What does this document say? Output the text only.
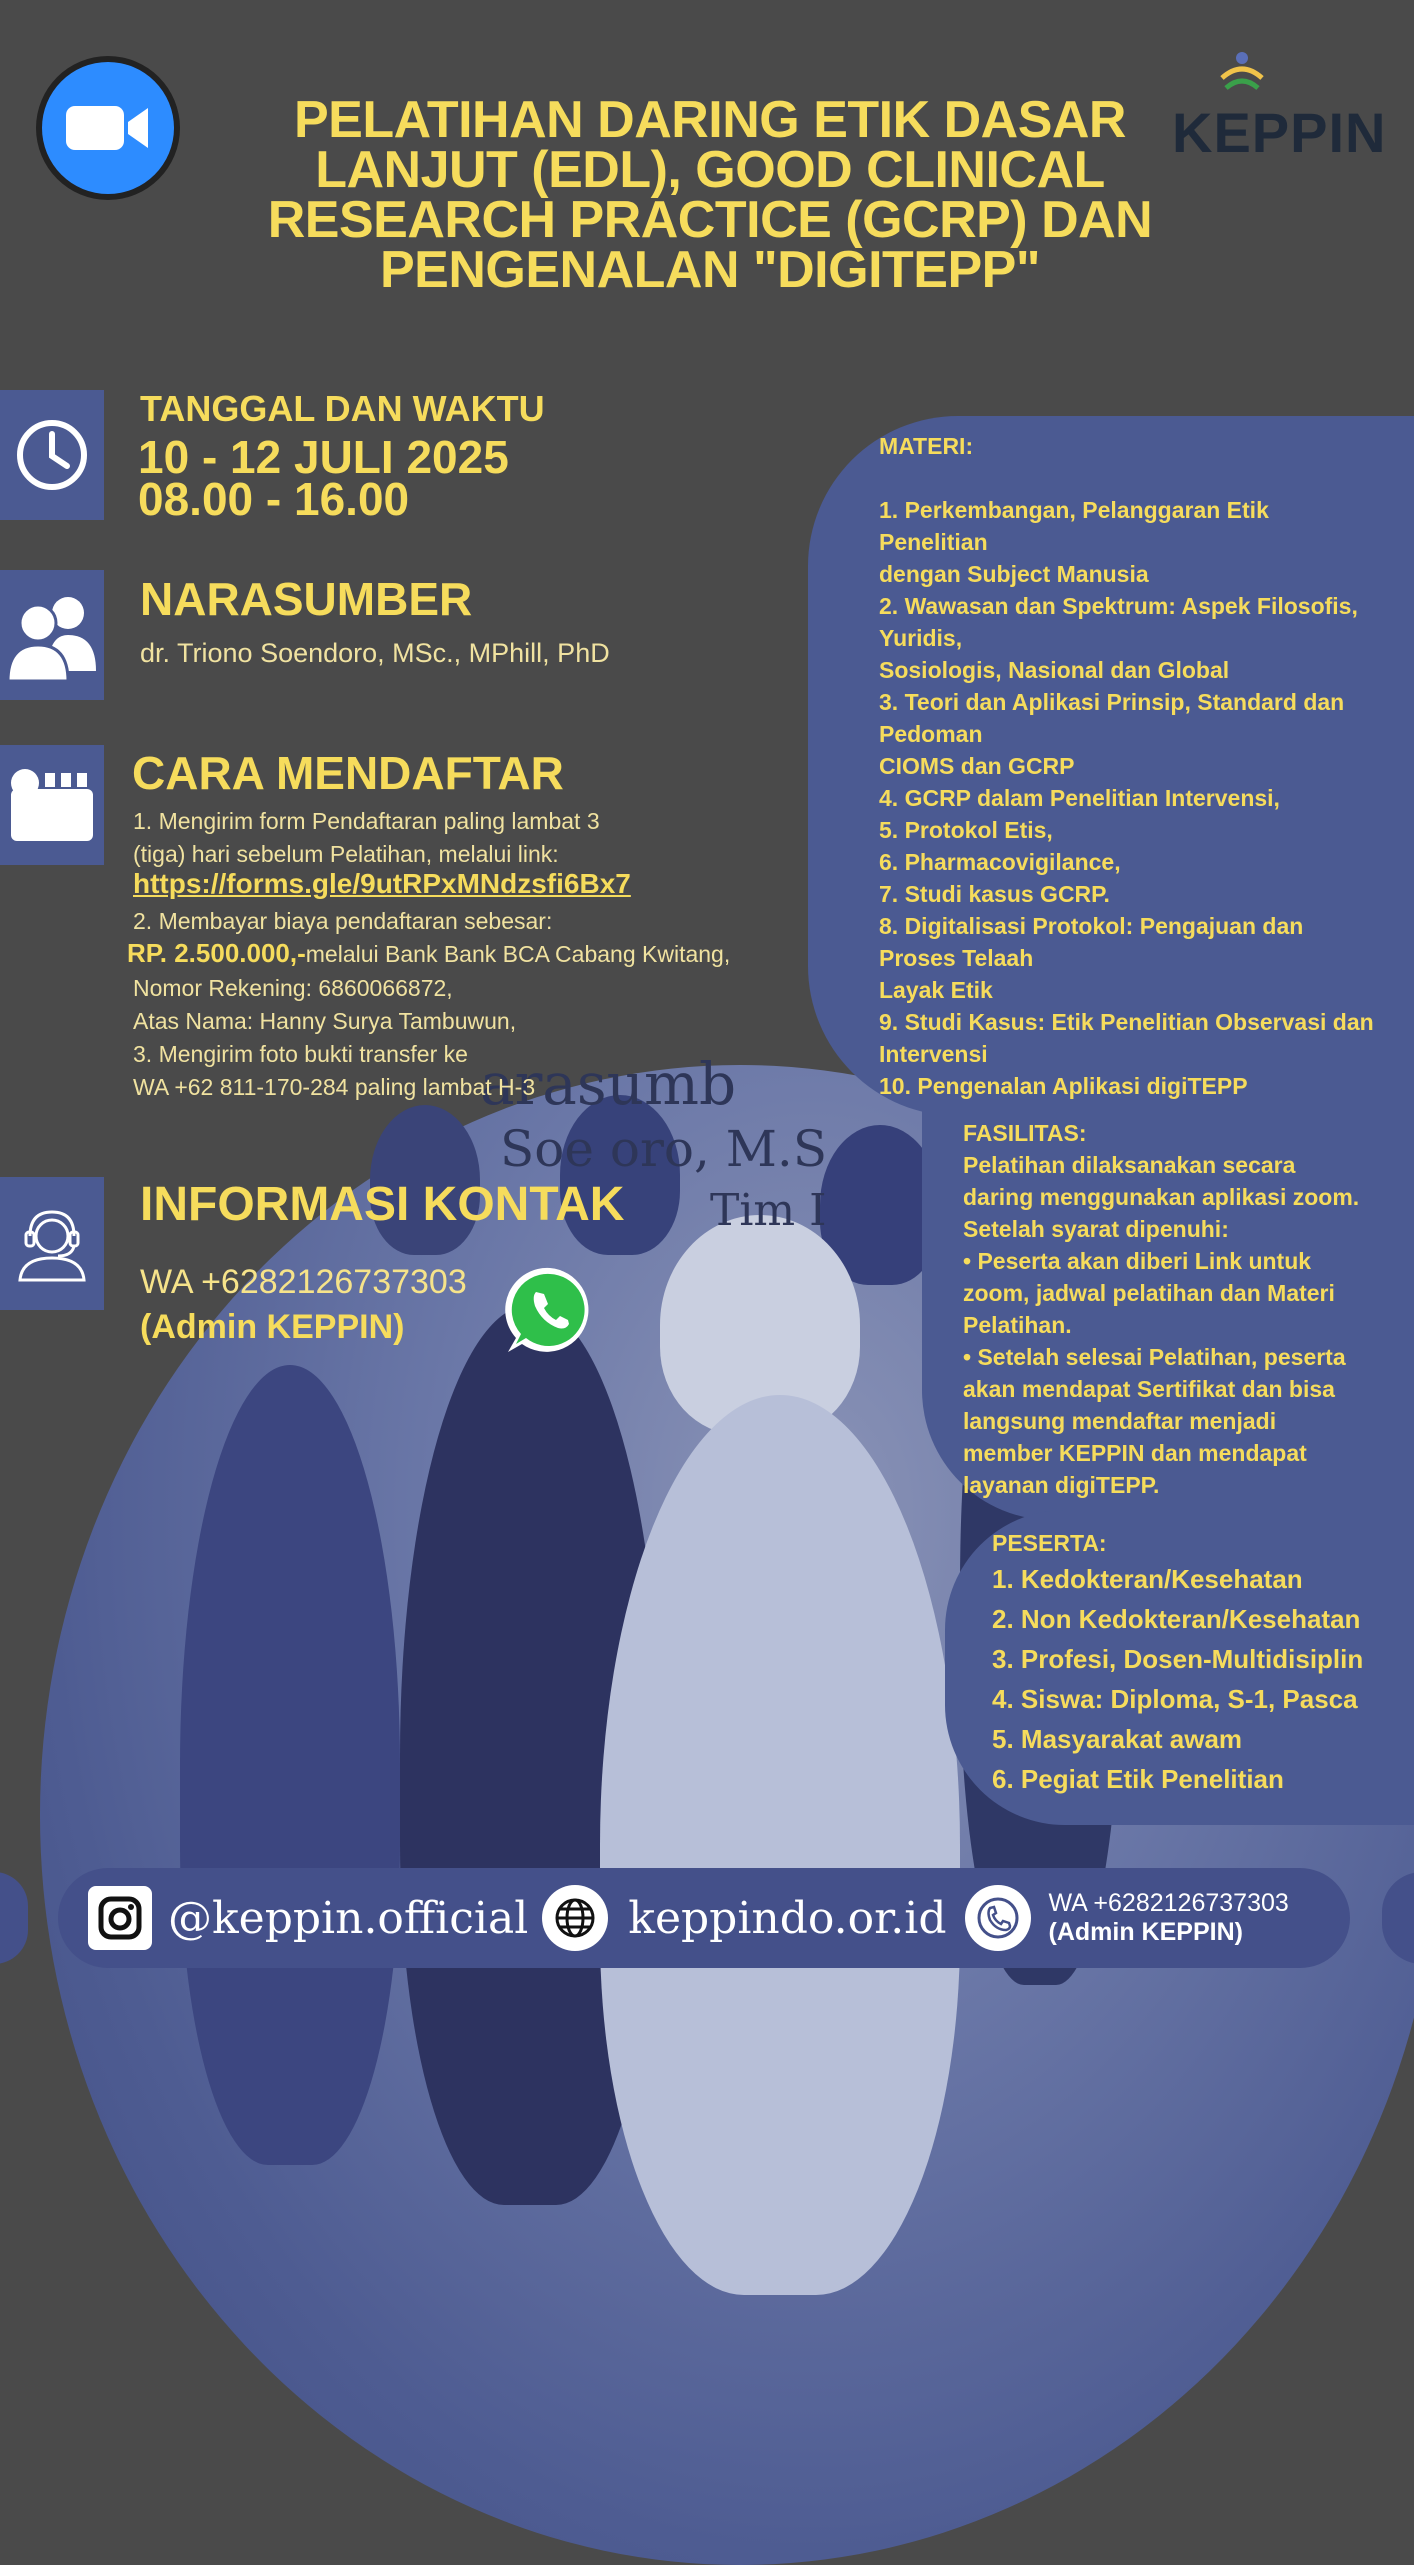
arasumb
Soe oro, M.S
Tim I
PELATIHAN DARING ETIK DASAR LANJUT (EDL), GOOD CLINICAL RESEARCH PRACTICE (GCRP) DAN PENGENALAN "DIGITEPP"
KEPPIN
TANGGAL DAN WAKTU
10 - 12 JULI 2025
08.00 - 16.00
NARASUMBER
dr. Triono Soendoro, MSc., MPhill, PhD
CARA MENDAFTAR
1. Mengirim form Pendaftaran paling lambat 3
(tiga) hari sebelum Pelatihan, melalui link:
https://forms.gle/9utRPxMNdzsfi6Bx7
2. Membayar biaya pendaftaran sebesar:
RP. 2.500.000,-melalui Bank Bank BCA Cabang Kwitang,
Nomor Rekening: 6860066872,
Atas Nama: Hanny Surya Tambuwun,
3. Mengirim foto bukti transfer ke
WA +62 811-170-284 paling lambat H-3
INFORMASI KONTAK
WA +6282126737303
(Admin KEPPIN)
MATERI:
1. Perkembangan, Pelanggaran Etik
Penelitian
dengan Subject Manusia
2. Wawasan dan Spektrum: Aspek Filosofis,
Yuridis,
Sosiologis, Nasional dan Global
3. Teori dan Aplikasi Prinsip, Standard dan
Pedoman
CIOMS dan GCRP
4. GCRP dalam Penelitian Intervensi,
5. Protokol Etis,
6. Pharmacovigilance,
7. Studi kasus GCRP.
8. Digitalisasi Protokol: Pengajuan dan
Proses Telaah
Layak Etik
9. Studi Kasus: Etik Penelitian Observasi dan
Intervensi
10. Pengenalan Aplikasi digiTEPP
FASILITAS:
Pelatihan dilaksanakan secara
daring menggunakan aplikasi zoom.
Setelah syarat dipenuhi:
• Peserta akan diberi Link untuk
zoom, jadwal pelatihan dan Materi
Pelatihan.
• Setelah selesai Pelatihan, peserta
akan mendapat Sertifikat dan bisa
langsung mendaftar menjadi
member KEPPIN dan mendapat
layanan digiTEPP.
PESERTA:
1. Kedokteran/Kesehatan
2. Non Kedokteran/Kesehatan
3. Profesi, Dosen-Multidisiplin
4. Siswa: Diploma, S-1, Pasca
5. Masyarakat awam
6. Pegiat Etik Penelitian
@keppin.official keppindo.or.id	WA +6282126737303
(Admin KEPPIN)
